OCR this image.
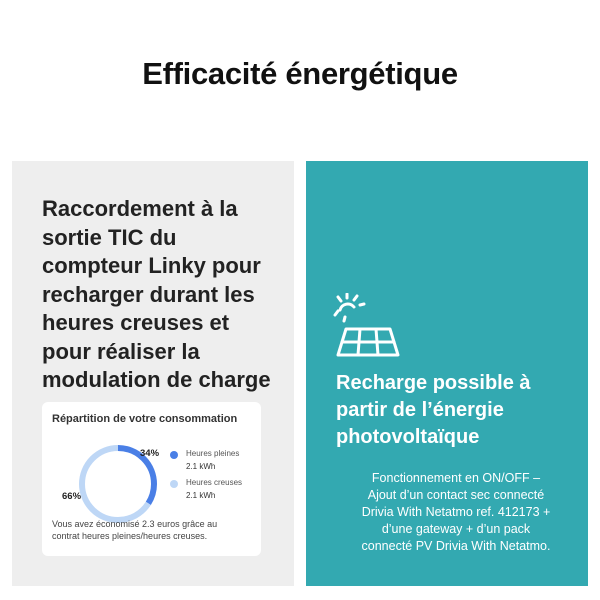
Efficacité énergétique
Raccordement à la
sortie TIC du
compteur Linky pour
recharger durant les
heures creuses et
pour réaliser la
modulation de charge
Répartition de votre consommation
34%
66%
Heures pleines
2.1 kWh
Heures creuses
2.1 kWh
Vous avez économisé 2.3 euros grâce au
contrat heures pleines/heures creuses.
Recharge possible à
partir de l’énergie
photovoltaïque
Fonctionnement en ON/OFF –
Ajout d’un contact sec connecté
Drivia With Netatmo ref. 412173 +
d’une gateway + d’un pack
connecté PV Drivia With Netatmo.
